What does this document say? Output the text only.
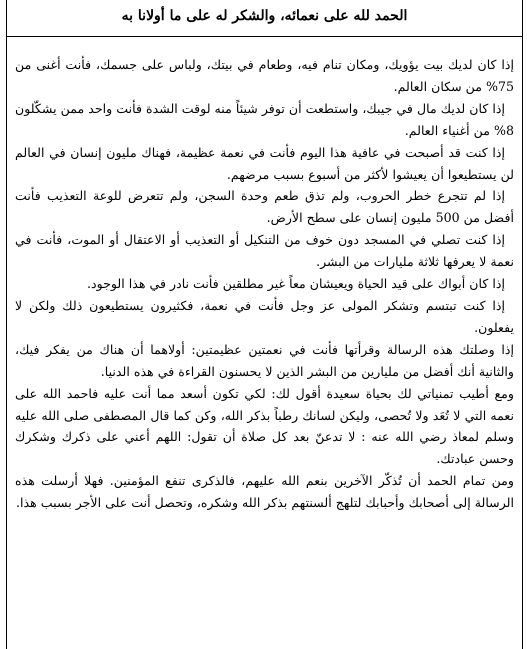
الحمد لله على نعمائه، والشكر له على ما أولانا به

إذا كان لديك بيت يؤويك، ومكان تنام فيه، وطعام في بيتك، ولباس على جسمك، فأنت أغنى من 75% من سكان العالم.

إذا كان لديك مال في جيبك، واستطعت أن توفر شيئاً منه لوقت الشدة فأنت واحد ممن يشكّلون 8% من أغنياء العالم.

إذا كنت قد أصبحت في عافية هذا اليوم فأنت في نعمة عظيمة، فهناك مليون إنسان في العالم لن يستطيعوا أن يعيشوا لأكثر من أسبوع بسبب مرضهم.

إذا لم تتجرع خطر الحروب، ولم تذق طعم وحدة السجن، ولم تتعرض للوعة التعذيب فأنت أفضل من 500 مليون إنسان على سطح الأرض.

إذا كنت تصلي في المسجد دون خوف من التنكيل أو التعذيب أو الاعتقال أو الموت، فأنت في نعمة لا يعرفها ثلاثة مليارات من البشر.

إذا كان أبواك على قيد الحياة ويعيشان معاً غير مطلقين فأنت نادر في هذا الوجود.

إذا كنت تبتسم وتشكر المولى عز وجل فأنت في نعمة، فكثيرون يستطيعون ذلك ولكن لا يفعلون.

إذا وصلتك هذه الرسالة وقرأتها فأنت في نعمتين عظيمتين: أولاهما أن هناك من يفكر فيك، والثانية أنك أفضل من مليارين من البشر الذين لا يحسنون القراءة في هذه الدنيا.

ومع أطيب تمنياتي لك بحياة سعيدة أقول لك: لكي تكون أسعد مما أنت عليه فاحمد الله على نعمه التي لا تُعَد ولا تُحصى، وليكن لسانك رطباً بذكر الله، وكن كما قال المصطفى صلى الله عليه وسلم لمعاذ رضي الله عنه : لا تدعنّ بعد كل صلاة أن تقول: اللهم أعني على ذكرك وشكرك وحسن عبادتك.

ومن تمام الحمد أن تُذكّر الآخرين بنعم الله عليهم، فالذكرى تنفع المؤمنين. فهلا أرسلت هذه الرسالة إلى أصحابك وأحبابك لتلهج ألسنتهم بذكر الله وشكره، وتحصل أنت على الأجر بسبب هذا.
